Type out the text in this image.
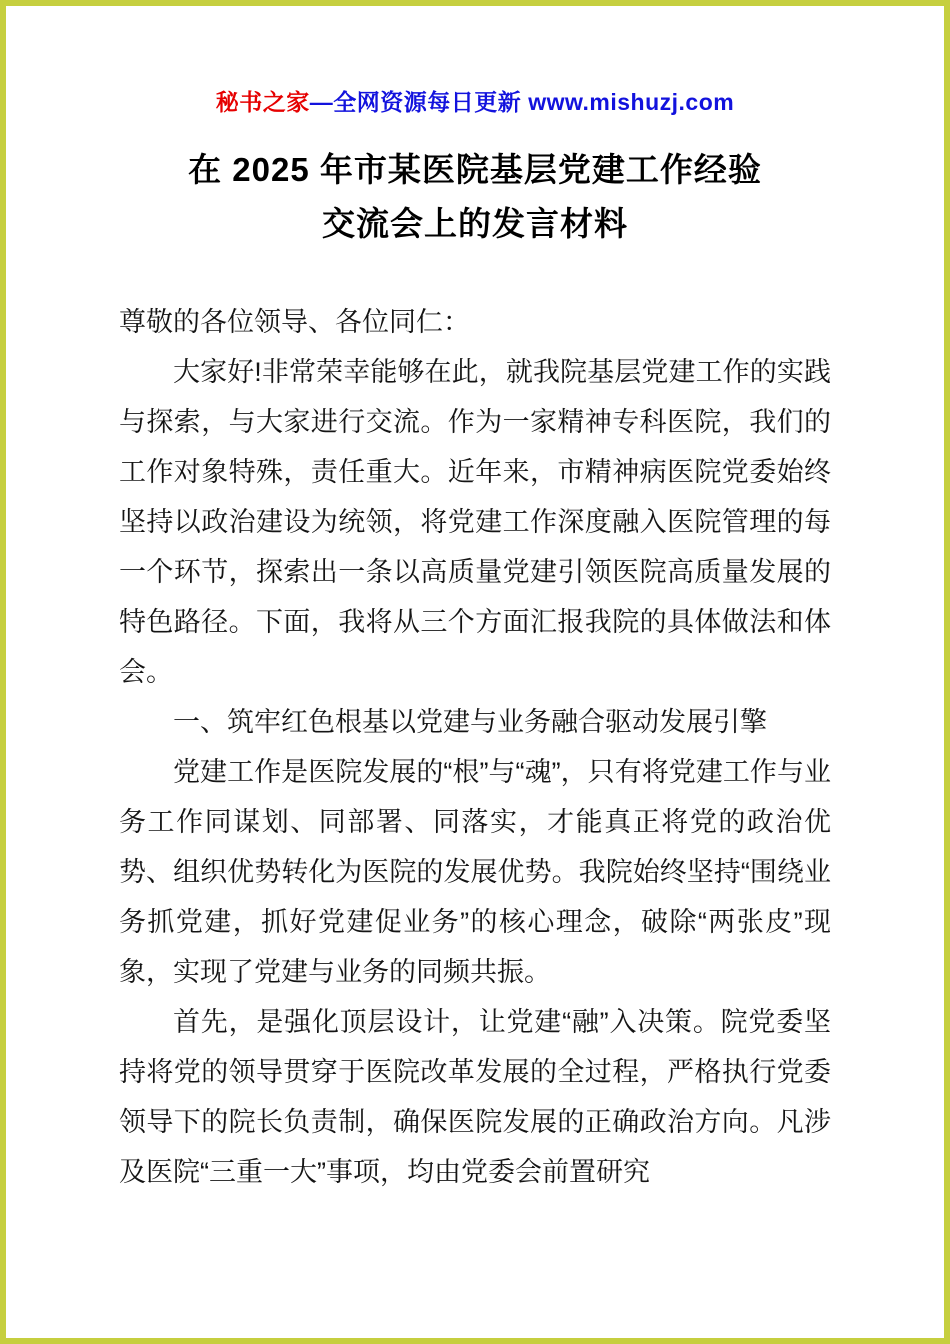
秘书之家—全网资源每日更新 www.mishuzj.com
在 2025 年市某医院基层党建工作经验
交流会上的发言材料

尊敬的各位领导、各位同仁：

大家好!非常荣幸能够在此，就我院基层党建工作的实践与探索，与大家进行交流。作为一家精神专科医院，我们的工作对象特殊，责任重大。近年来，市精神病医院党委始终坚持以政治建设为统领，将党建工作深度融入医院管理的每一个环节，探索出一条以高质量党建引领医院高质量发展的特色路径。下面，我将从三个方面汇报我院的具体做法和体会。

一、筑牢红色根基以党建与业务融合驱动发展引擎

党建工作是医院发展的“根”与“魂”，只有将党建工作与业务工作同谋划、同部署、同落实，才能真正将党的政治优势、组织优势转化为医院的发展优势。我院始终坚持“围绕业务抓党建，抓好党建促业务”的核心理念，破除“两张皮”现象，实现了党建与业务的同频共振。

首先，是强化顶层设计，让党建“融”入决策。院党委坚持将党的领导贯穿于医院改革发展的全过程，严格执行党委领导下的院长负责制，确保医院发展的正确政治方向。凡涉及医院“三重一大”事项，均由党委会前置研究
